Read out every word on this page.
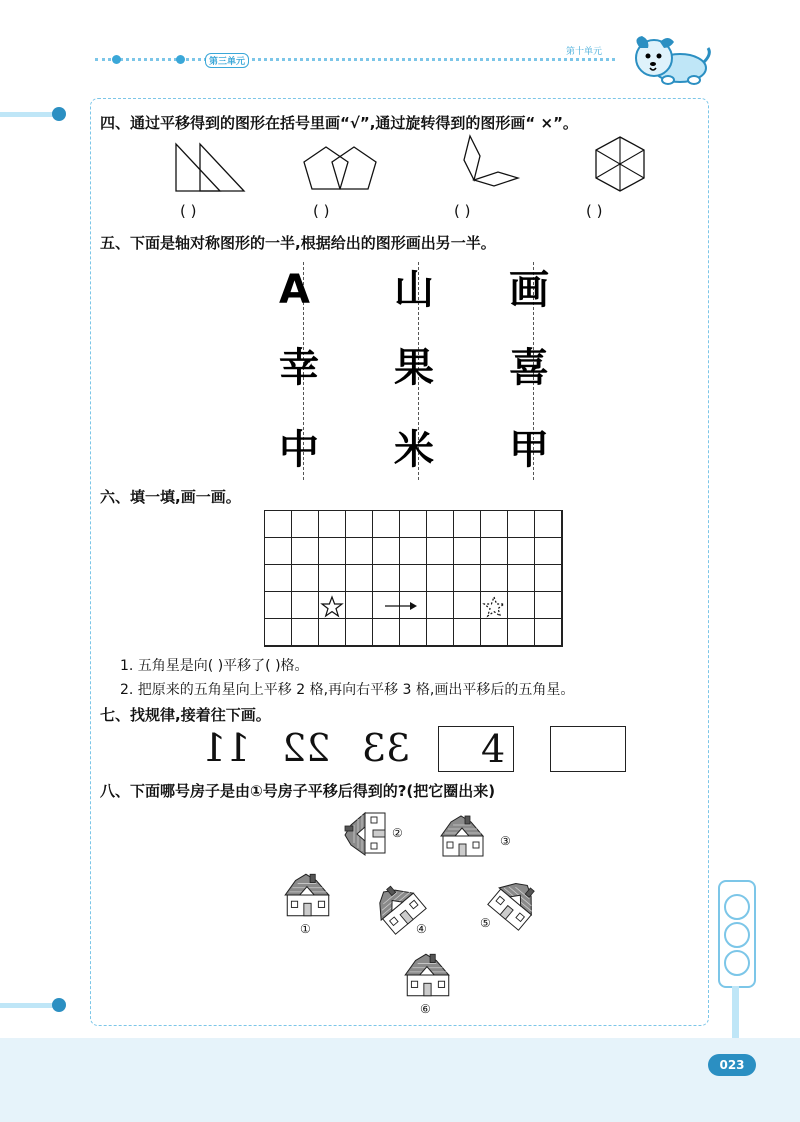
第三单元
第十单元
023
四、通过平移得到的图形在括号里画“√”,通过旋转得到的图形画“ ×”。
( )	( )	( )	( )
五、下面是轴对称图形的一半,根据给出的图形画出另一半。
A 山 画
幸 果 喜
中 米 甲
六、填一填,画一画。
1. 五角星是向( )平移了( )格。
2. 把原来的五角星向上平移 2 格,再向右平移 3 格,画出平移后的五角星。
七、找规律,接着往下画。
11 22 33 4
八、下面哪号房子是由①号房子平移后得到的?(把它圈出来)
②
③
①	④	⑤
⑥
